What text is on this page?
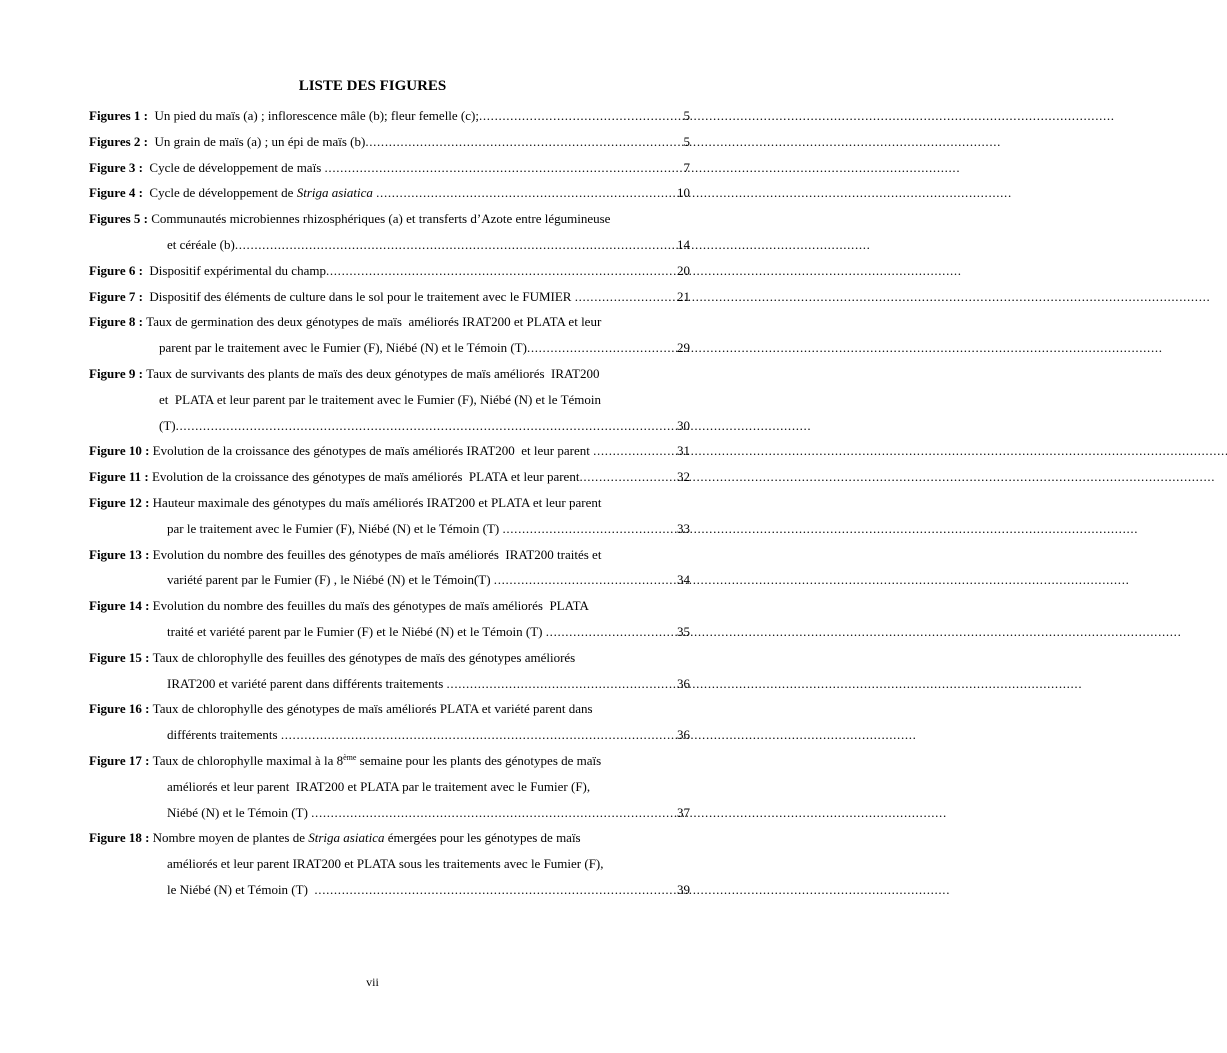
LISTE DES FIGURES
Figures 1 :
Un pied du maïs (a) ; inflorescence mâle (b); fleur femelle (c); . . .	5
Figures 2 :
Un grain de maïs (a) ; un épi de maïs (b) . . .	5
Figure 3 :
Cycle de développement de maïs . . .	7
Figure 4 :
Cycle de développement de Striga asiatica . . .	10
Figures 5 :
Communautés microbiennes rhizosphériques (a) et transferts d’Azote entre légumineuse
et céréale (b) . . .	14
Figure 6 :
Dispositif expérimental du champ . . .	20
Figure 7 :
Dispositif des éléments de culture dans le sol pour le traitement avec le FUMIER . . .	21
Figure 8 :
Taux de germination des deux génotypes de maïs  améliorés IRAT200 et PLATA et leur
parent par le traitement avec le Fumier (F), Niébé (N) et le Témoin (T) . . .	29
Figure 9 :
Taux de survivants des plants de maïs des deux génotypes de maïs améliorés  IRAT200
et  PLATA et leur parent par le traitement avec le Fumier (F), Niébé (N) et le Témoin
(T) . . .	30
Figure 10 :
Evolution de la croissance des génotypes de maïs améliorés IRAT200  et leur parent . . .	31
Figure 11 :
Evolution de la croissance des génotypes de maïs améliorés  PLATA et leur parent . . .	32
Figure 12 :
Hauteur maximale des génotypes du maïs améliorés IRAT200 et PLATA et leur parent
par le traitement avec le Fumier (F), Niébé (N) et le Témoin (T) . . .	33
Figure 13 :
Evolution du nombre des feuilles des génotypes de maïs améliorés  IRAT200 traités et
variété parent par le Fumier (F) , le Niébé (N) et le Témoin(T) . . .	34
Figure 14 :
Evolution du nombre des feuilles du maïs des génotypes de maïs améliorés  PLATA
traité et variété parent par le Fumier (F) et le Niébé (N) et le Témoin (T) . . .	35
Figure 15 :
Taux de chlorophylle des feuilles des génotypes de maïs des génotypes améliorés
IRAT200 et variété parent dans différents traitements . . .	36
Figure 16 :
Taux de chlorophylle des génotypes de maïs améliorés PLATA et variété parent dans
différents traitements . . .	36
Figure 17 :
Taux de chlorophylle maximal à la 8ème semaine pour les plants des génotypes de maïs
améliorés et leur parent  IRAT200 et PLATA par le traitement avec le Fumier (F),
Niébé (N) et le Témoin (T) . . .	37
Figure 18 :
Nombre moyen de plantes de Striga asiatica émergées pour les génotypes de maïs
améliorés et leur parent IRAT200 et PLATA sous les traitements avec le Fumier (F),
le Niébé (N) et Témoin (T) . . .	39
vii
